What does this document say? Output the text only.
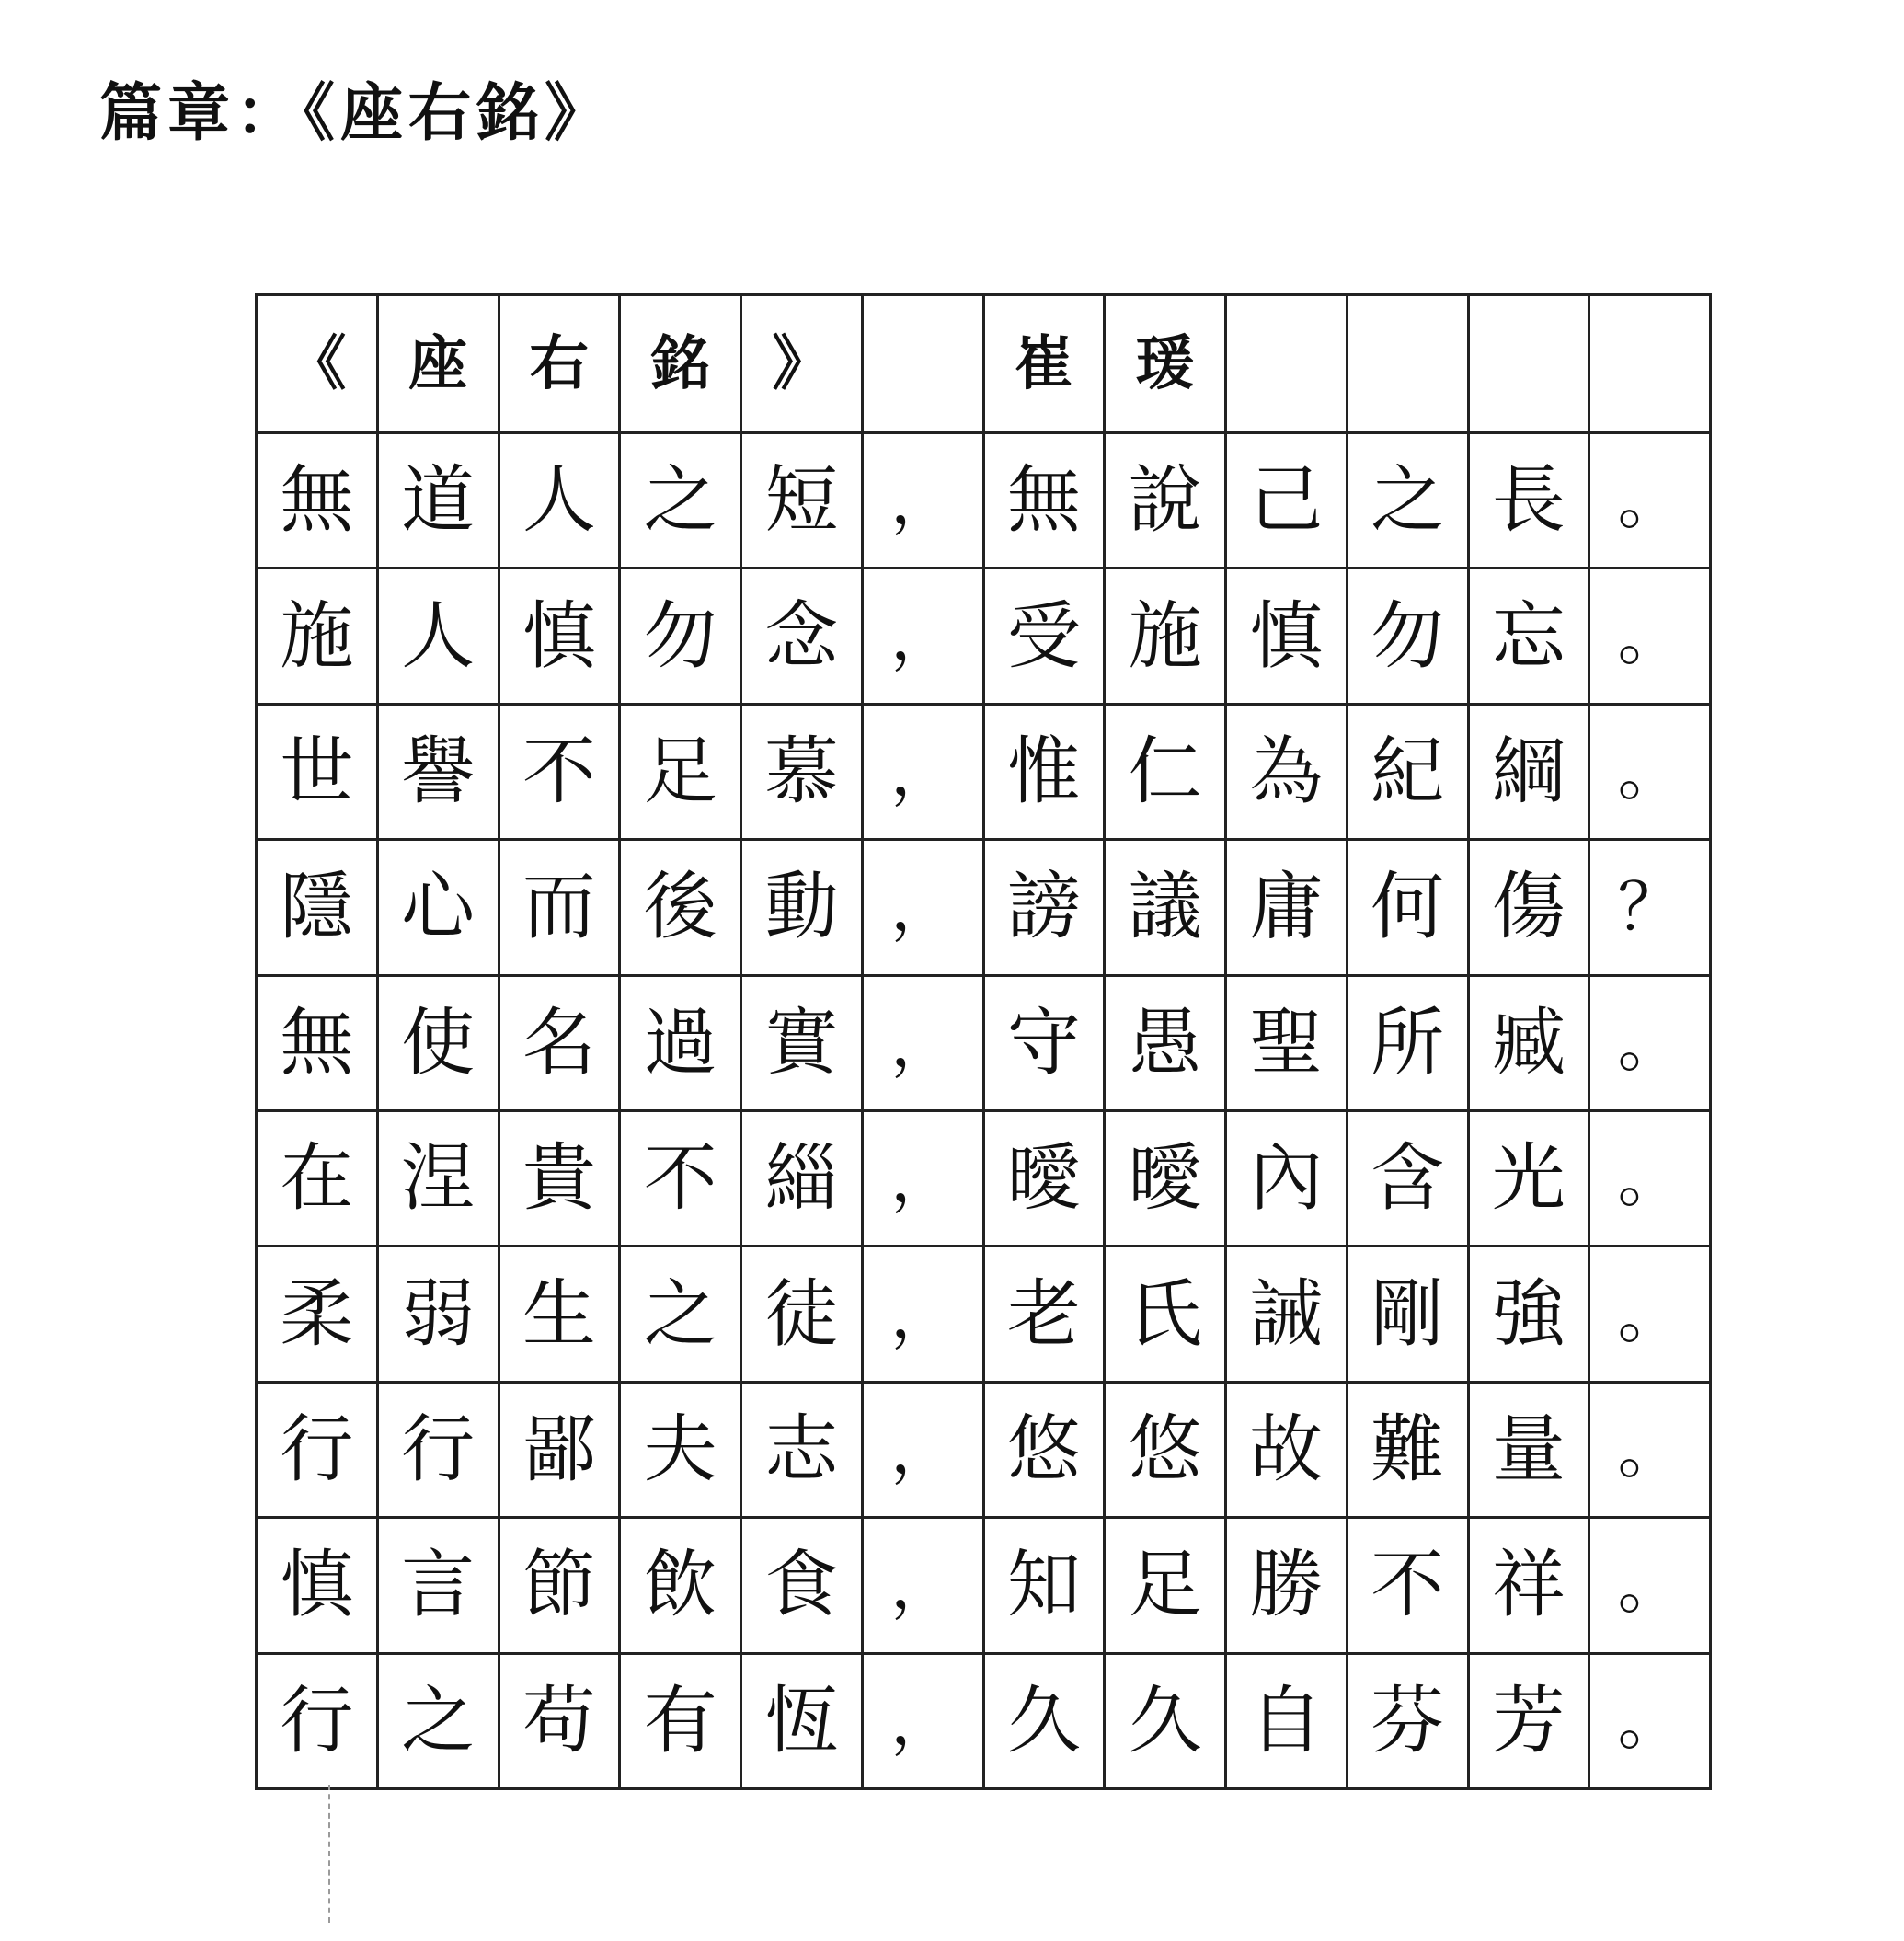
篇章：《座右銘》
《	座	右	銘	》		崔	瑗				
無	道	人	之	短	，	無	說	己	之	長	。
施	人	慎	勿	念	，	受	施	慎	勿	忘	。
世	譽	不	足	慕	，	惟	仁	為	紀	綱	。
隱	心	而	後	動	，	謗	議	庸	何	傷	？
無	使	名	過	實	，	守	愚	聖	所	臧	。
在	涅	貴	不	緇	，	曖	曖	內	含	光	。
柔	弱	生	之	徒	，	老	氏	誡	剛	強	。
行	行	鄙	夫	志	，	悠	悠	故	難	量	。
慎	言	節	飲	食	，	知	足	勝	不	祥	。
行	之	苟	有	恆	，	久	久	自	芬	芳	。
